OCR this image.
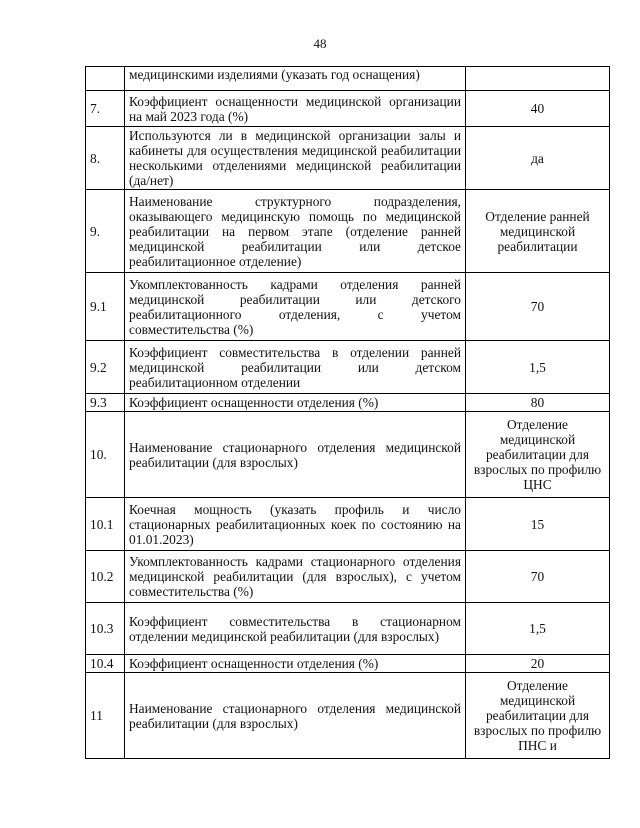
48
	медицинскими изделиями (указать год оснащения)	
7.	Коэффициент оснащенности медицинской организации на май 2023 года (%)	40
8.	Используются ли в медицинской организации залы и кабинеты для осуществления медицинской реабилитации несколькими отделениями медицинской реабилитации (да/нет)	да
9.	Наименование структурного подразделения, оказывающего медицинскую помощь по медицинской реабилитации на первом этапе (отделение ранней медицинской реабилитации или детское реабилитационное отделение)	Отделение ранней медицинской реабилитации
9.1	Укомплектованность кадрами отделения ранней медицинской реабилитации или детского реабилитационного отделения, с учетом совместительства (%)	70
9.2	Коэффициент совместительства в отделении ранней медицинской реабилитации или детском реабилитационном отделении	1,5
9.3	Коэффициент оснащенности отделения (%)	80
10.	Наименование стационарного отделения медицинской реабилитации (для взрослых)	Отделение медицинской реабилитации для взрослых по профилю ЦНС
10.1	Коечная мощность (указать профиль и число стационарных реабилитационных коек по состоянию на 01.01.2023)	15
10.2	Укомплектованность кадрами стационарного отделения медицинской реабилитации (для взрослых), с учетом совместительства (%)	70
10.3	Коэффициент совместительства в стационарном отделении медицинской реабилитации (для взрослых)	1,5
10.4	Коэффициент оснащенности отделения (%)	20
11	Наименование стационарного отделения медицинской реабилитации (для взрослых)	Отделение медицинской реабилитации для взрослых по профилю ПНС и
